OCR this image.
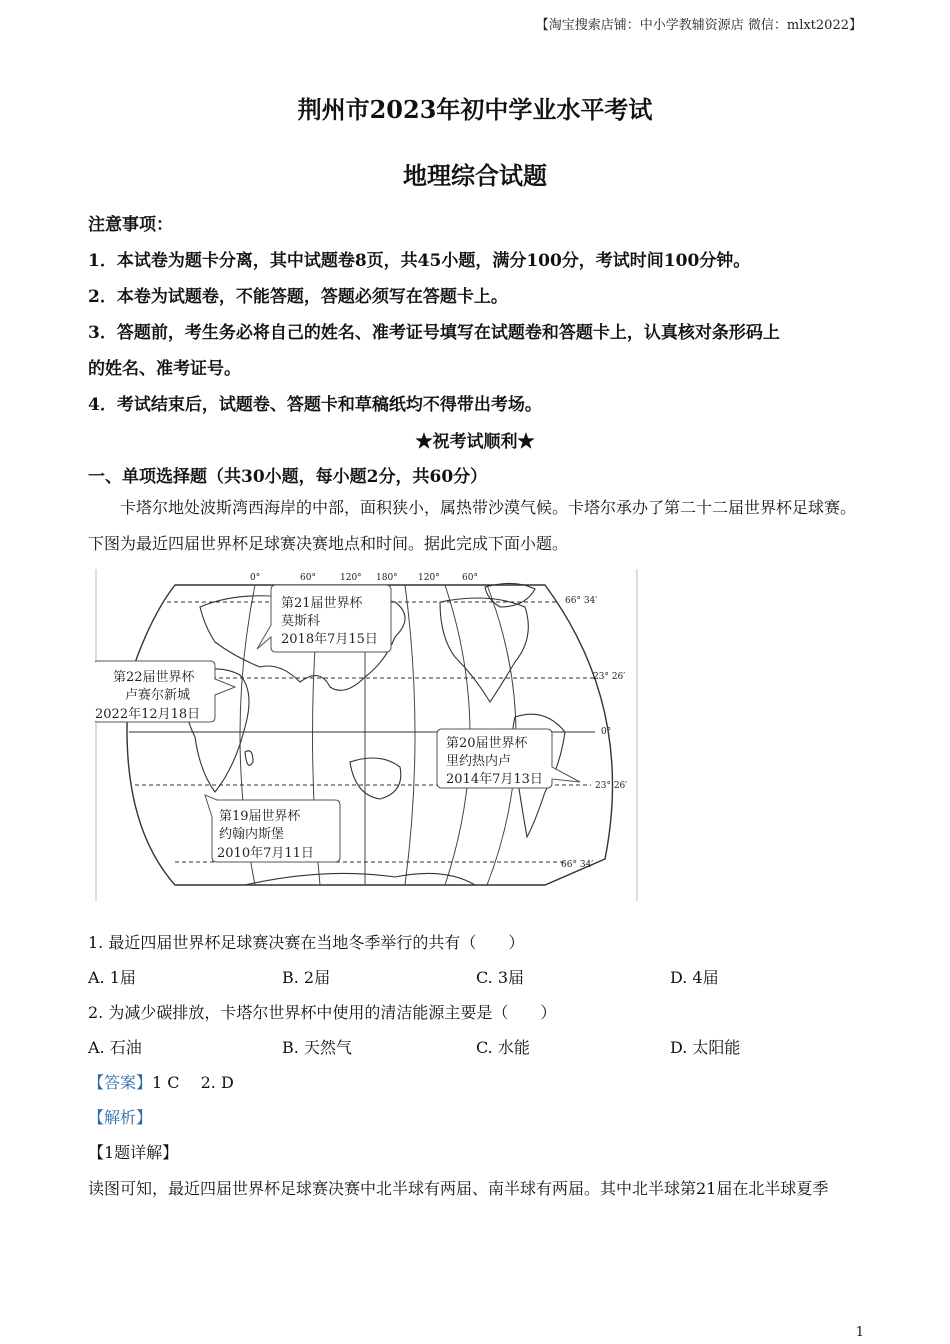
【淘宝搜索店铺：中小学教辅资源店 微信：mlxt2022】
荆州市2023年初中学业水平考试
地理综合试题
注意事项：
1．本试卷为题卡分离，其中试题卷8页，共45小题，满分100分，考试时间100分钟。
2．本卷为试题卷，不能答题，答题必须写在答题卡上。
3．答题前，考生务必将自己的姓名、准考证号填写在试题卷和答题卡上，认真核对条形码上
的姓名、准考证号。
4．考试结束后，试题卷、答题卡和草稿纸均不得带出考场。
★祝考试顺利★
一、单项选择题（共30小题，每小题2分，共60分）
卡塔尔地处波斯湾西海岸的中部，面积狭小，属热带沙漠气候。卡塔尔承办了第二十二届世界杯足球赛。下图为最近四届世界杯足球赛决赛地点和时间。据此完成下面小题。
0°	60°	120° 180° 120° 60°
66° 34′
23° 26′
0°
23° 26′
66° 34′
第21届世界杯
莫斯科
2018年7月15日
第22届世界杯
卢赛尔新城
2022年12月18日
第20届世界杯
里约热内卢
2014年7月13日
第19届世界杯
约翰内斯堡
2010年7月11日
1. 最近四届世界杯足球赛决赛在当地冬季举行的共有（　　）
A. 1届	B. 2届	C. 3届	D. 4届
2. 为减少碳排放，卡塔尔世界杯中使用的清洁能源主要是（　　）
A. 石油	B. 天然气	C. 水能	D. 太阳能
【答案】1 C　 2. D
【解析】
【1题详解】
读图可知，最近四届世界杯足球赛决赛中北半球有两届、南半球有两届。其中北半球第21届在北半球夏季
1
